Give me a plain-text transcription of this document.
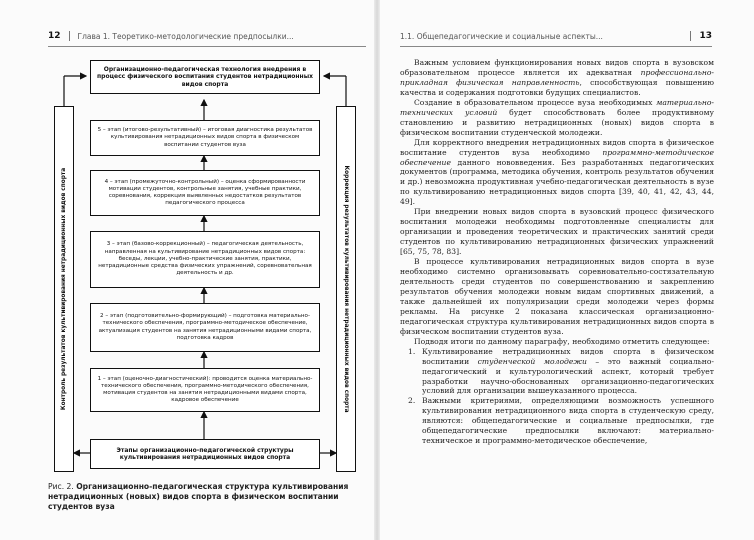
12	Глава 1. Теоретико-методологические предпосылки...	1.1. Общепедагогические и социальные аспекты...	13
Организационно-педагогическая технология внедрения в процесс физического воспитания студентов нетрадиционных видов спорта
Контроль результатов культивирования нетрадиционных видов спорта	Коррекция результатов культивирования нетрадиционных видов спорта
5 – этап (итогово-результативный) – итоговая диагностика результатов культивирования нетрадиционных видов спорта в физическом воспитании студентов вуза
4 – этап (промежуточно-контрольный) – оценка сформированности мотивации студентов, контрольные занятия, учебные практики, соревнования, коррекция выявленных недостатков результатов педагогического процесса
3 – этап (базово-коррекционный) – педагогическая деятельность, направленная на культивирование нетрадиционных видов спорта: беседы, лекции, учебно-практические занятия, практики, нетрадиционные средства физических упражнений, соревновательная деятельность и др.
2 – этап (подготовительно-формирующий) – подготовка материально-технического обеспечения, программно-методическое обеспечение, актуализация студентов на занятия нетрадиционными видами спорта, подготовка кадров
1 – этап (оценочно-диагностический): проводится оценка материально-технического обеспечения, программно-методического обеспечения, мотивация студентов на занятия нетрадиционными видами спорта, кадровое обеспечение
Этапы организационно-педагогической структуры культивирования нетрадиционных видов спорта
Рис. 2. Организационно-педагогическая структура культивирования нетрадиционных (новых) видов спорта в физическом воспитании студентов вуза

Важным условием функционирования новых видов спорта в вузовском образовательном процессе является их адекватная профессионально-прикладная физическая направленность, способствующая повышению качества и содержания подготовки будущих специалистов.

Создание в образовательном процессе вуза необходимых материально-технических условий будет способствовать более продуктивному становлению и развитию нетрадиционных (новых) видов спорта в физическом воспитании студенческой молодежи.

Для корректного внедрения нетрадиционных видов спорта в физическое воспитание студентов вуза необходимо программно-методическое обеспечение данного нововведения. Без разработанных педагогических документов (программа, методика обучения, контроль результатов обучения и др.) невозможна продуктивная учебно-педагогическая деятельность в вузе по культивированию нетрадиционных видов спорта [39, 40, 41, 42, 43, 44, 49].

При внедрении новых видов спорта в вузовский процесс физического воспитания молодежи необходимы подготовленные специалисты для организации и проведения теоретических и практических занятий среди студентов по культивированию нетрадиционных физических упражнений [65, 75, 78, 83].

В процессе культивирования нетрадиционных видов спорта в вузе необходимо системно организовывать соревновательно-состязательную деятельность среди студентов по совершенствованию и закреплению результатов обучения молодежи новым видам спортивных движений, а также дальнейшей их популяризации среди молодежи через формы рекламы. На рисунке 2 показана классическая организационно-педагогическая структура культивирования нетрадиционных видов спорта в физическом воспитании студентов вуза.

Подводя итоги по данному параграфу, необходимо отметить следующее:

1. Культивирование нетрадиционных видов спорта в физическом воспитании студенческой молодежи – это важный социально-педагогический и культурологический аспект, который требует разработки научно-обоснованных организационно-педагогических условий для организации вышеуказанного процесса.
2. Важными критериями, определяющими возможность успешного культивирования нетрадиционного вида спорта в студенческую среду, являются: общепедагогические и социальные предпосылки, где общепедагогические предпосылки включают: материально-техническое и программно-методическое обеспечение,
